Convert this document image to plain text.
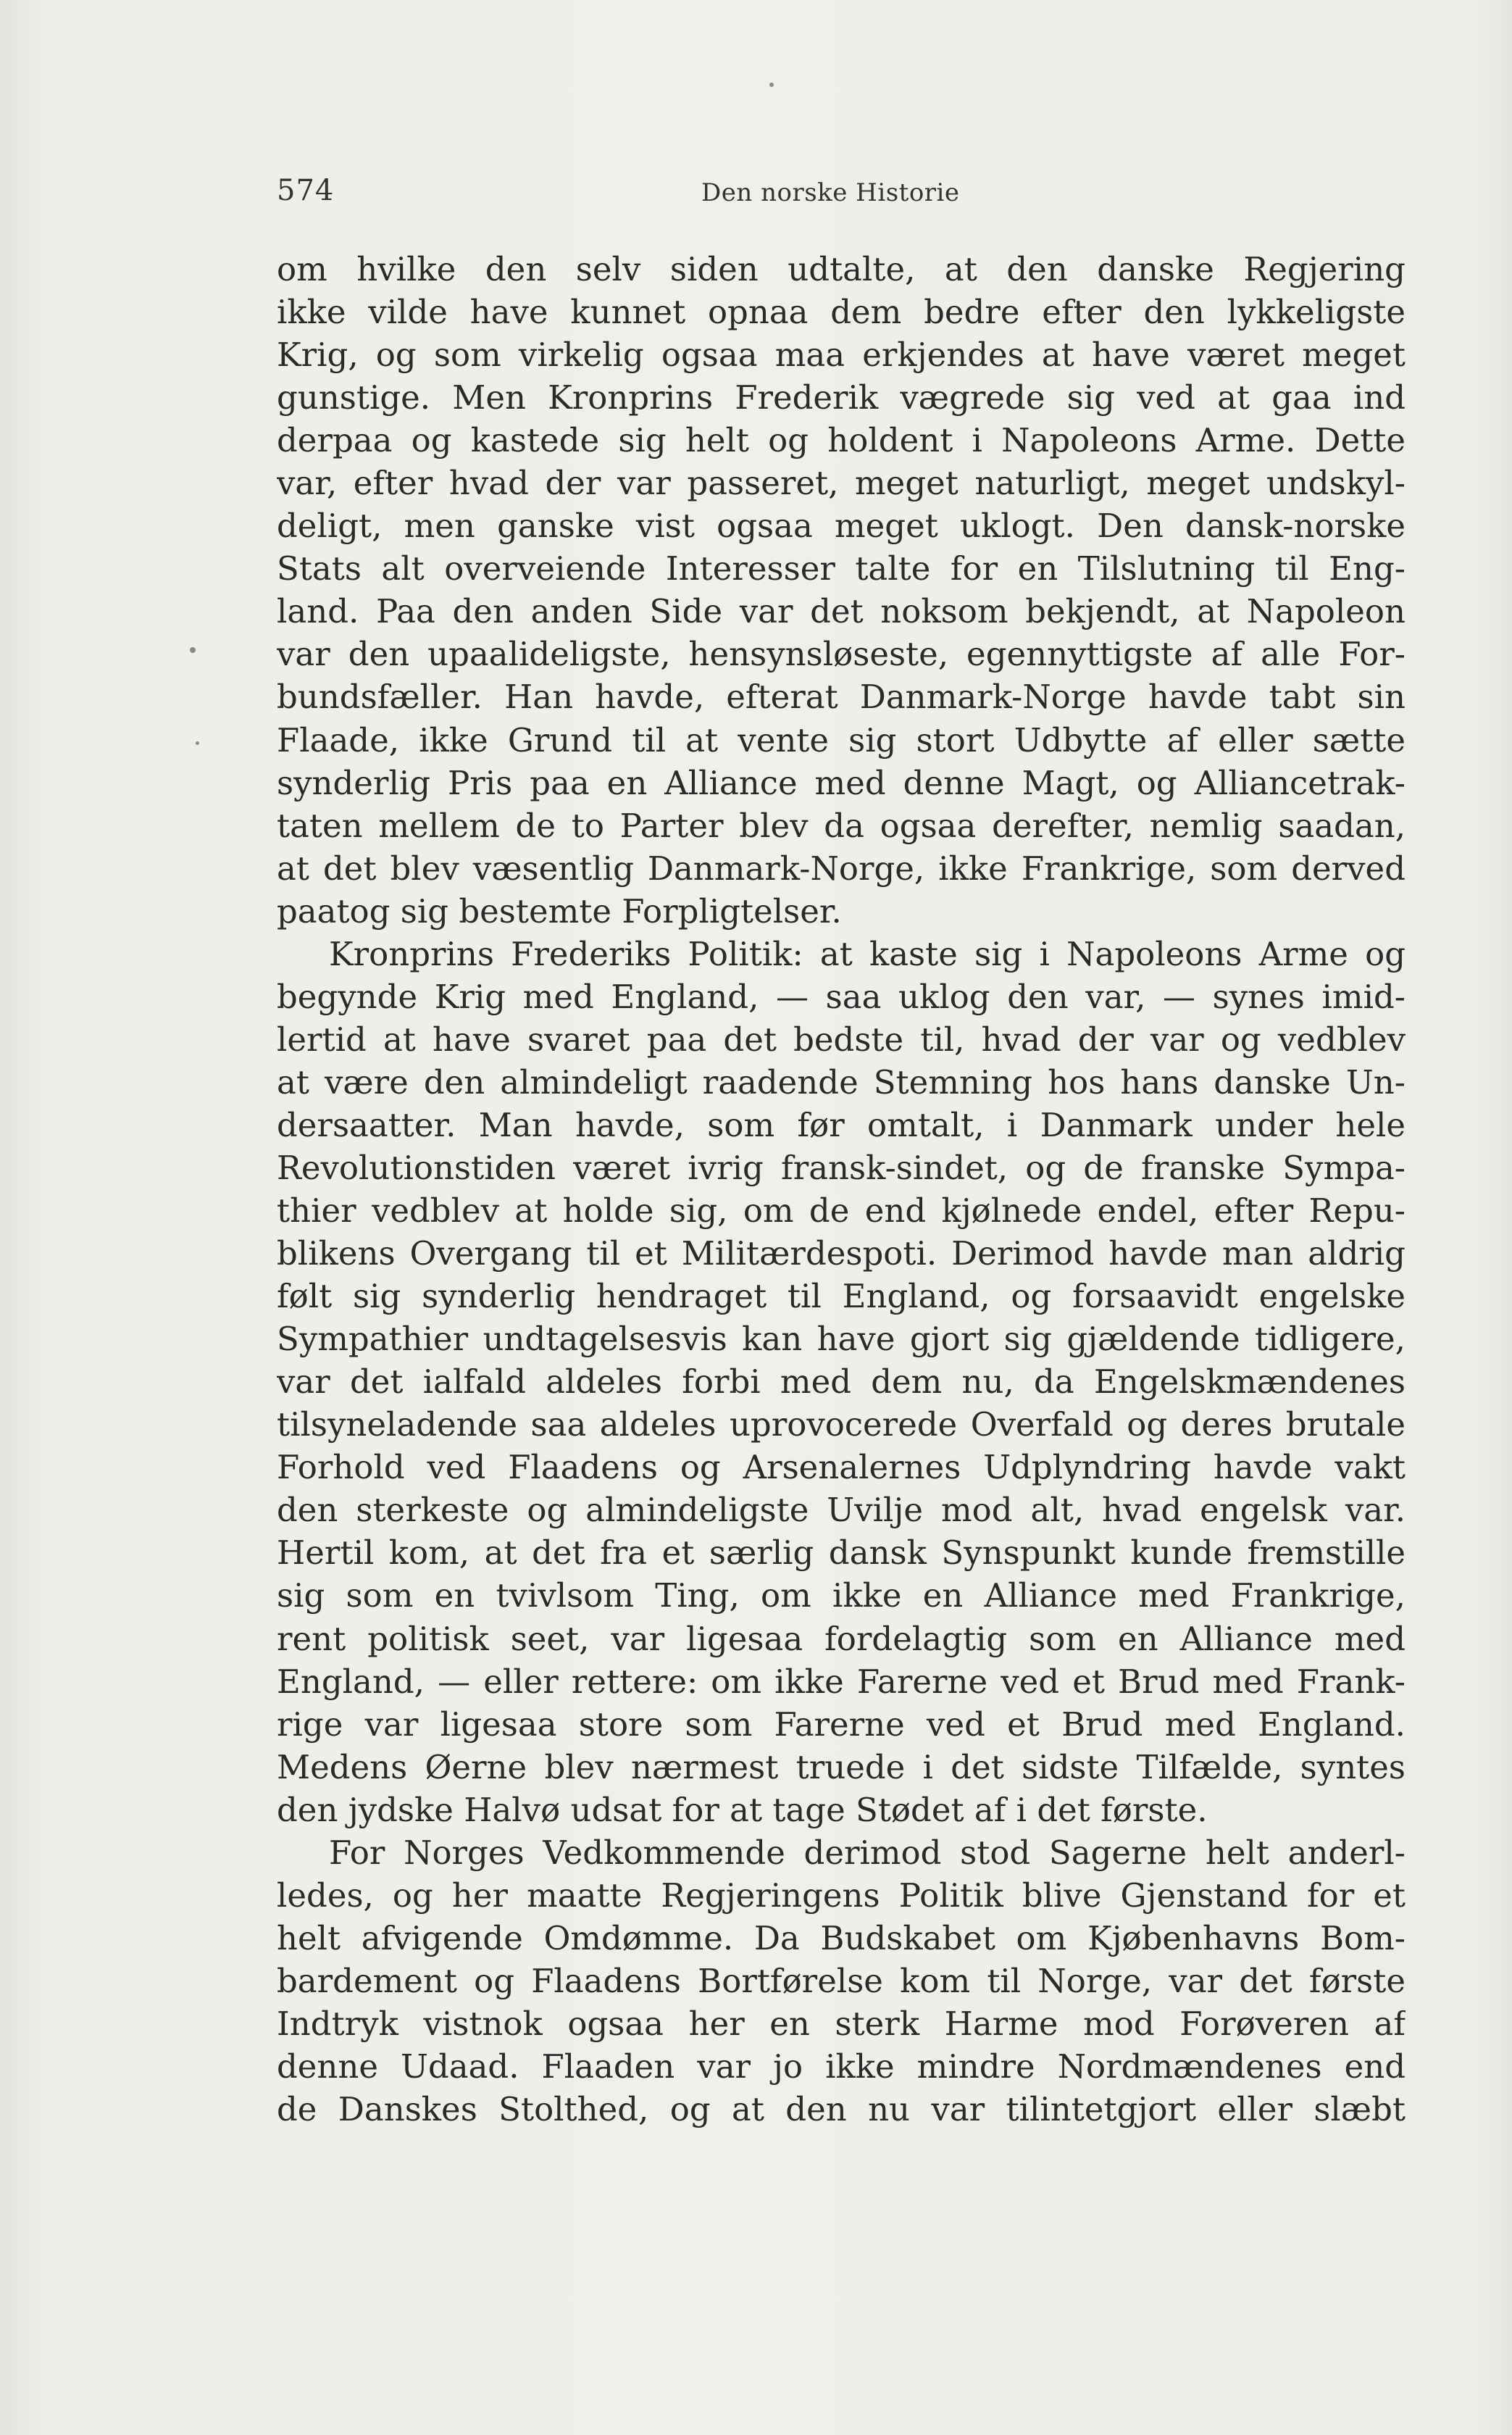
574	Den norske Historie
om hvilke den selv siden udtalte, at den danske Regjering
ikke vilde have kunnet opnaa dem bedre efter den lykkeligste
Krig, og som virkelig ogsaa maa erkjendes at have været meget
gunstige. Men Kronprins Frederik vægrede sig ved at gaa ind
derpaa og kastede sig helt og holdent i Napoleons Arme. Dette
var, efter hvad der var passeret, meget naturligt, meget undskyl-
deligt, men ganske vist ogsaa meget uklogt. Den dansk-norske
Stats alt overveiende Interesser talte for en Tilslutning til Eng-
land. Paa den anden Side var det noksom bekjendt, at Napoleon
var den upaalideligste, hensynsløseste, egennyttigste af alle For-
bundsfæller. Han havde, efterat Danmark-Norge havde tabt sin
Flaade, ikke Grund til at vente sig stort Udbytte af eller sætte
synderlig Pris paa en Alliance med denne Magt, og Alliancetrak-
taten mellem de to Parter blev da ogsaa derefter, nemlig saadan,
at det blev væsentlig Danmark-Norge, ikke Frankrige, som derved
paatog sig bestemte Forpligtelser.
Kronprins Frederiks Politik: at kaste sig i Napoleons Arme og
begynde Krig med England, — saa uklog den var, — synes imid-
lertid at have svaret paa det bedste til, hvad der var og vedblev
at være den almindeligt raadende Stemning hos hans danske Un-
dersaatter. Man havde, som før omtalt, i Danmark under hele
Revolutionstiden været ivrig fransk-sindet, og de franske Sympa-
thier vedblev at holde sig, om de end kjølnede endel, efter Repu-
blikens Overgang til et Militærdespoti. Derimod havde man aldrig
følt sig synderlig hendraget til England, og forsaavidt engelske
Sympathier undtagelsesvis kan have gjort sig gjældende tidligere,
var det ialfald aldeles forbi med dem nu, da Engelskmændenes
tilsyneladende saa aldeles uprovocerede Overfald og deres brutale
Forhold ved Flaadens og Arsenalernes Udplyndring havde vakt
den sterkeste og almindeligste Uvilje mod alt, hvad engelsk var.
Hertil kom, at det fra et særlig dansk Synspunkt kunde fremstille
sig som en tvivlsom Ting, om ikke en Alliance med Frankrige,
rent politisk seet, var ligesaa fordelagtig som en Alliance med
England, — eller rettere: om ikke Farerne ved et Brud med Frank-
rige var ligesaa store som Farerne ved et Brud med England.
Medens Øerne blev nærmest truede i det sidste Tilfælde, syntes
den jydske Halvø udsat for at tage Stødet af i det første.
For Norges Vedkommende derimod stod Sagerne helt anderl-
ledes, og her maatte Regjeringens Politik blive Gjenstand for et
helt afvigende Omdømme. Da Budskabet om Kjøbenhavns Bom-
bardement og Flaadens Bortførelse kom til Norge, var det første
Indtryk vistnok ogsaa her en sterk Harme mod Forøveren af
denne Udaad. Flaaden var jo ikke mindre Nordmændenes end
de Danskes Stolthed, og at den nu var tilintetgjort eller slæbt
